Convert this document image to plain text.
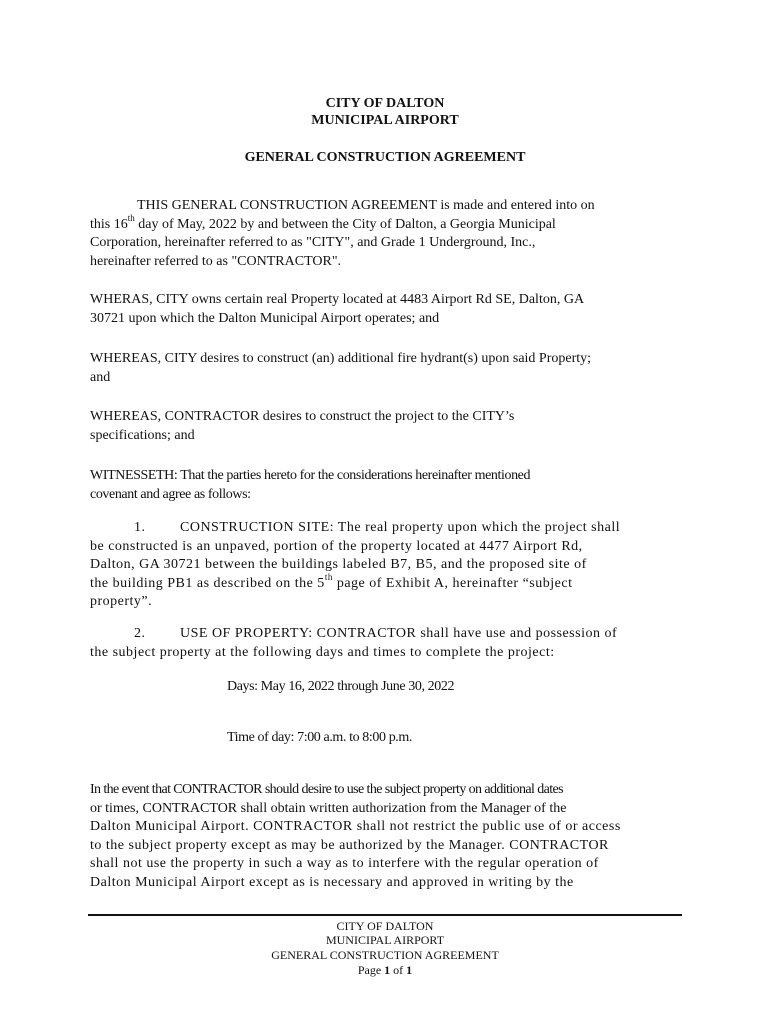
CITY OF DALTON
MUNICIPAL AIRPORT
GENERAL CONSTRUCTION AGREEMENT
THIS GENERAL CONSTRUCTION AGREEMENT is made and entered into on
this 16th day of May, 2022 by and between the City of Dalton, a Georgia Municipal
Corporation, hereinafter referred to as "CITY", and Grade 1 Underground, Inc.,
hereinafter referred to as "CONTRACTOR".
WHERAS, CITY owns certain real Property located at 4483 Airport Rd SE, Dalton, GA
30721 upon which the Dalton Municipal Airport operates; and
WHEREAS, CITY desires to construct (an) additional fire hydrant(s) upon said Property;
and
WHEREAS, CONTRACTOR desires to construct the project to the CITY’s
specifications; and
WITNESSETH: That the parties hereto for the considerations hereinafter mentioned
covenant and agree as follows:
1. CONSTRUCTION SITE: The real property upon which the project shall
be constructed is an unpaved, portion of the property located at 4477 Airport Rd,
Dalton, GA 30721 between the buildings labeled B7, B5, and the proposed site of
the building PB1 as described on the 5th page of Exhibit A, hereinafter “subject
property”.
2. USE OF PROPERTY: CONTRACTOR shall have use and possession of
the subject property at the following days and times to complete the project:
Days: May 16, 2022 through June 30, 2022
Time of day: 7:00 a.m. to 8:00 p.m.
In the event that CONTRACTOR should desire to use the subject property on additional dates
or times, CONTRACTOR shall obtain written authorization from the Manager of the
Dalton Municipal Airport. CONTRACTOR shall not restrict the public use of or access
to the subject property except as may be authorized by the Manager. CONTRACTOR
shall not use the property in such a way as to interfere with the regular operation of
Dalton Municipal Airport except as is necessary and approved in writing by the
CITY OF DALTON
MUNICIPAL AIRPORT
GENERAL CONSTRUCTION AGREEMENT
Page 1 of 1
